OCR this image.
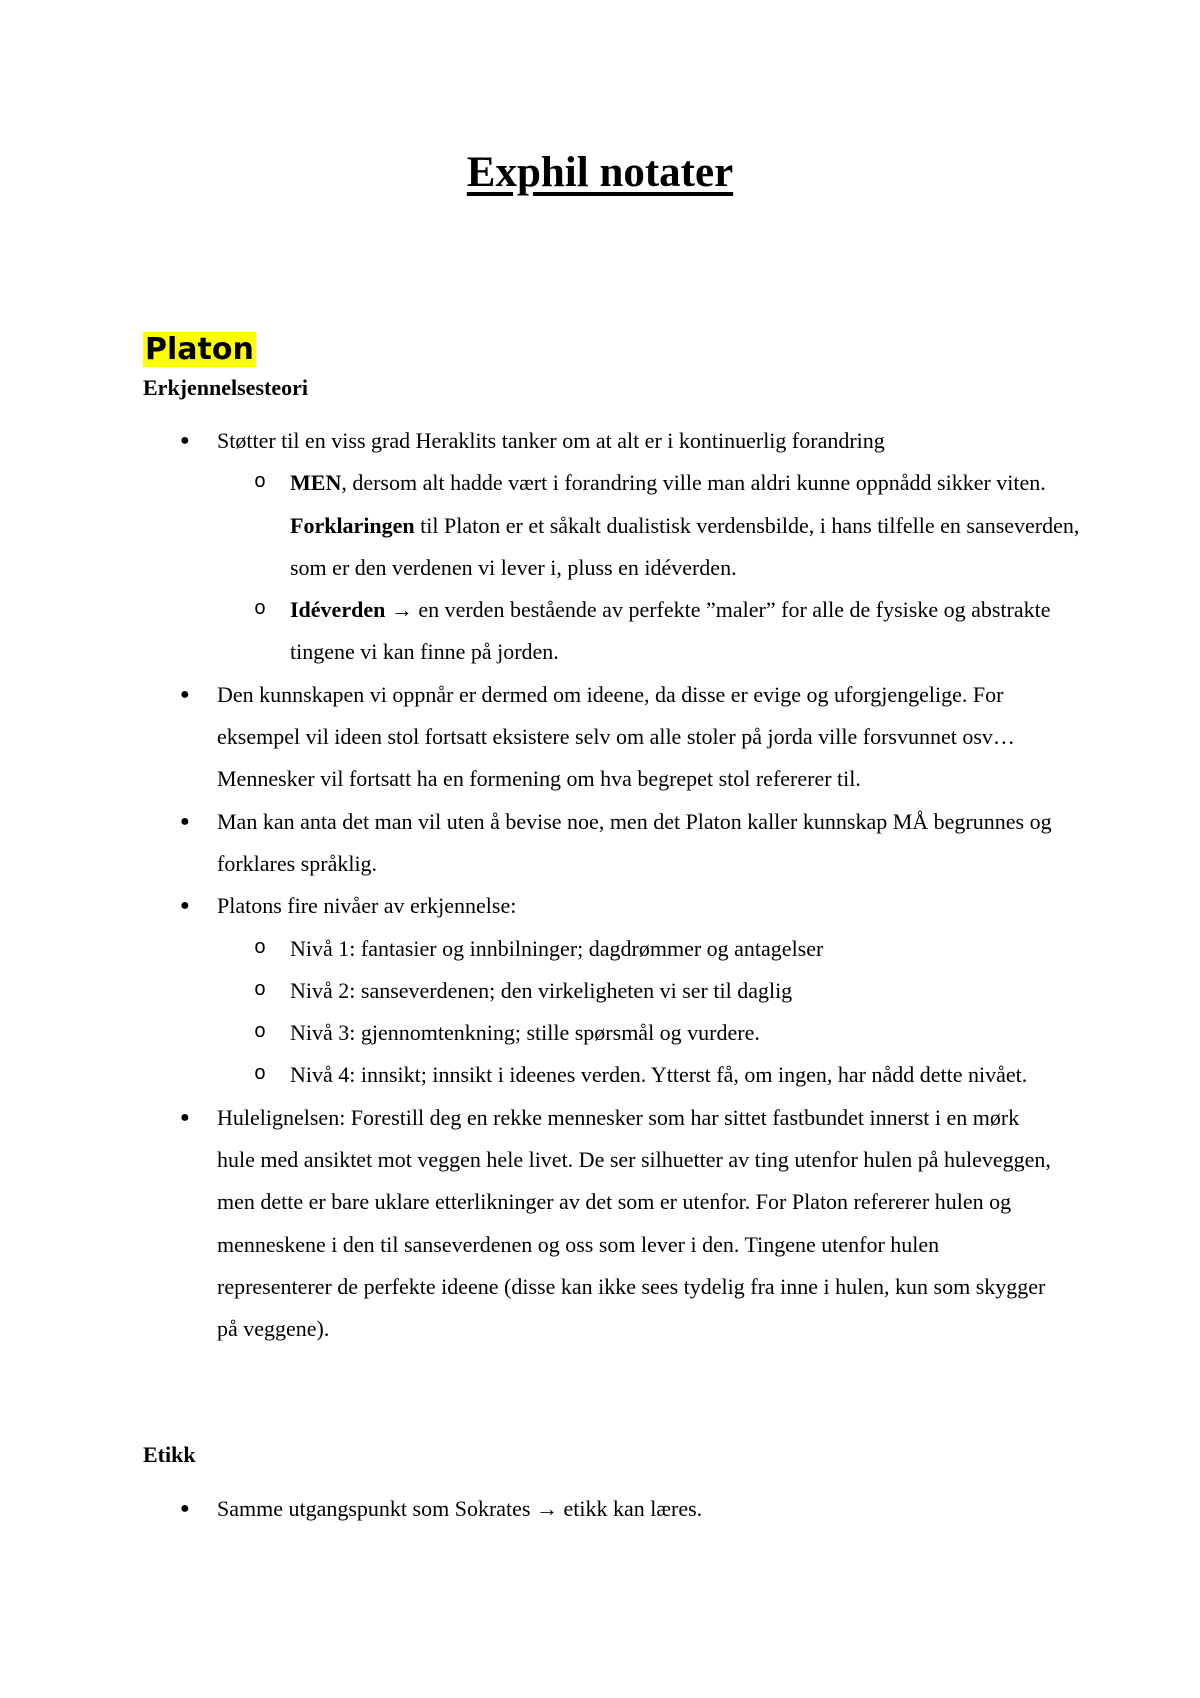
Exphil notater
Platon
Erkjennelsesteori
● Støtter til en viss grad Heraklits tanker om at alt er i kontinuerlig forandring
o MEN, dersom alt hadde vært i forandring ville man aldri kunne oppnådd sikker viten. Forklaringen til Platon er et såkalt dualistisk verdensbilde, i hans tilfelle en sanseverden, som er den verdenen vi lever i, pluss en idéverden.
o Idéverden → en verden bestående av perfekte ”maler” for alle de fysiske og abstrakte tingene vi kan finne på jorden.
● Den kunnskapen vi oppnår er dermed om ideene, da disse er evige og uforgjengelige. For eksempel vil ideen stol fortsatt eksistere selv om alle stoler på jorda ville forsvunnet osv… Mennesker vil fortsatt ha en formening om hva begrepet stol refererer til.
● Man kan anta det man vil uten å bevise noe, men det Platon kaller kunnskap MÅ begrunnes og forklares språklig.
● Platons fire nivåer av erkjennelse:
o Nivå 1: fantasier og innbilninger; dagdrømmer og antagelser
o Nivå 2: sanseverdenen; den virkeligheten vi ser til daglig
o Nivå 3: gjennomtenkning; stille spørsmål og vurdere.
o Nivå 4: innsikt; innsikt i ideenes verden. Ytterst få, om ingen, har nådd dette nivået.
● Hulelignelsen: Forestill deg en rekke mennesker som har sittet fastbundet innerst i en mørk hule med ansiktet mot veggen hele livet. De ser silhuetter av ting utenfor hulen på huleveggen, men dette er bare uklare etterlikninger av det som er utenfor. For Platon refererer hulen og menneskene i den til sanseverdenen og oss som lever i den. Tingene utenfor hulen representerer de perfekte ideene (disse kan ikke sees tydelig fra inne i hulen, kun som skygger på veggene).
Etikk
● Samme utgangspunkt som Sokrates → etikk kan læres.
